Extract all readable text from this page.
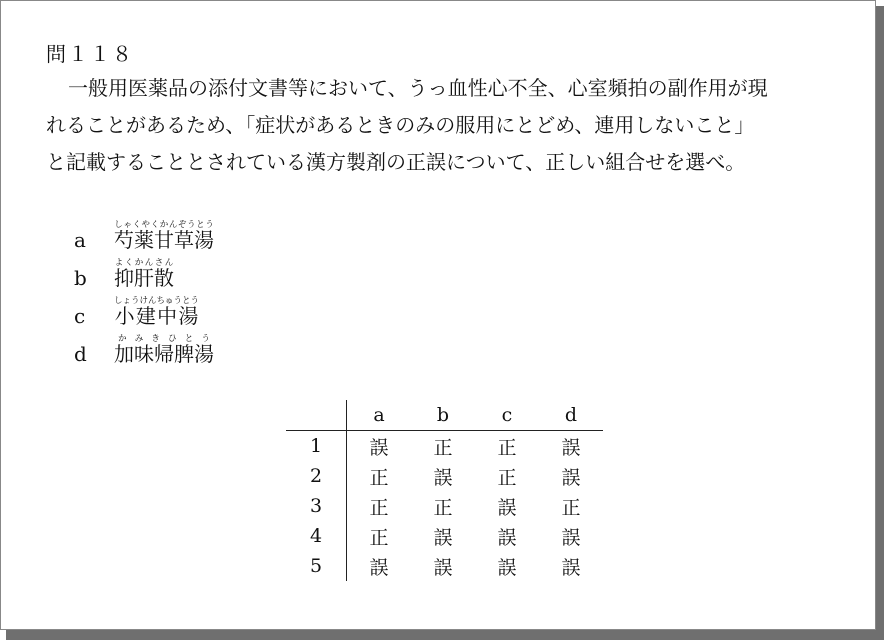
問１１８
一般用医薬品の添付文書等において、うっ血性心不全、心室頻拍の副作用が現
れることがあるため、「症状があるときのみの服用にとどめ、連用しないこと」
と記載することとされている漢方製剤の正誤について、正しい組合せを選べ。
a 芍薬甘草湯しゃくやくかんぞうとう
b 抑肝散よくかんさん
c 小建中湯しょうけんちゅうとう
d 加味帰脾湯かみきひとう
	a	b	c	d
1	誤	正	正	誤
2	正	誤	正	誤
3	正	正	誤	正
4	正	誤	誤	誤
5	誤	誤	誤	誤
